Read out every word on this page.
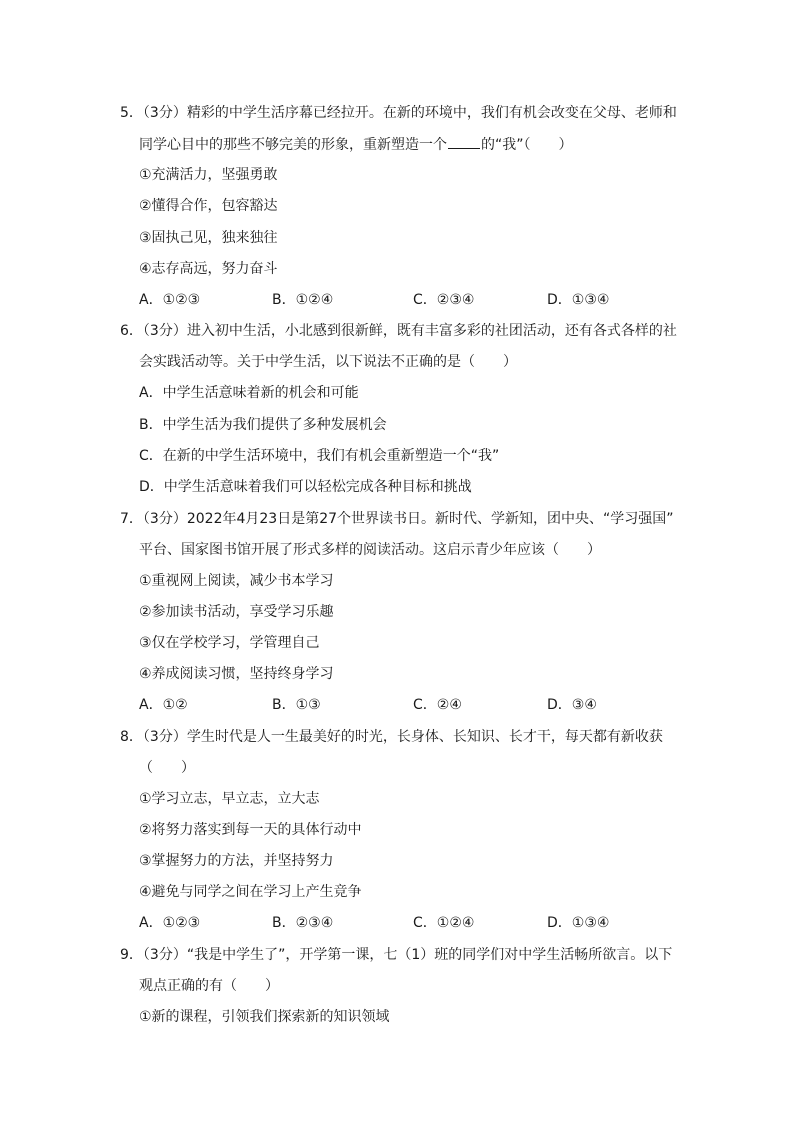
5．（3分）精彩的中学生活序幕已经拉开。在新的环境中，我们有机会改变在父母、老师和
同学心目中的那些不够完美的形象，重新塑造一个 的“我”（　　）
①充满活力，坚强勇敢
②懂得合作，包容豁达
③固执己见，独来独往
④志存高远，努力奋斗
A．①②③	B．①②④	C．②③④	D．①③④
6．（3分）进入初中生活，小北感到很新鲜，既有丰富多彩的社团活动，还有各式各样的社
会实践活动等。关于中学生活，以下说法不正确的是（　　）
A．中学生活意味着新的机会和可能
B．中学生活为我们提供了多种发展机会
C．在新的中学生活环境中，我们有机会重新塑造一个“我”
D．中学生活意味着我们可以轻松完成各种目标和挑战
7．（3分）2022年4月23日是第27个世界读书日。新时代、学新知，团中央、“学习强国”
平台、国家图书馆开展了形式多样的阅读活动。这启示青少年应该（　　）
①重视网上阅读，减少书本学习
②参加读书活动，享受学习乐趣
③仅在学校学习，学管理自己
④养成阅读习惯，坚持终身学习
A．①②	B．①③	C．②④	D．③④
8．（3分）学生时代是人一生最美好的时光，长身体、长知识、长才干，每天都有新收获
（　　）
①学习立志，早立志，立大志
②将努力落实到每一天的具体行动中
③掌握努力的方法，并坚持努力
④避免与同学之间在学习上产生竞争
A．①②③	B．②③④	C．①②④	D．①③④
9．（3分）“我是中学生了”，开学第一课，七（1）班的同学们对中学生活畅所欲言。以下
观点正确的有（　　）
①新的课程，引领我们探索新的知识领域
